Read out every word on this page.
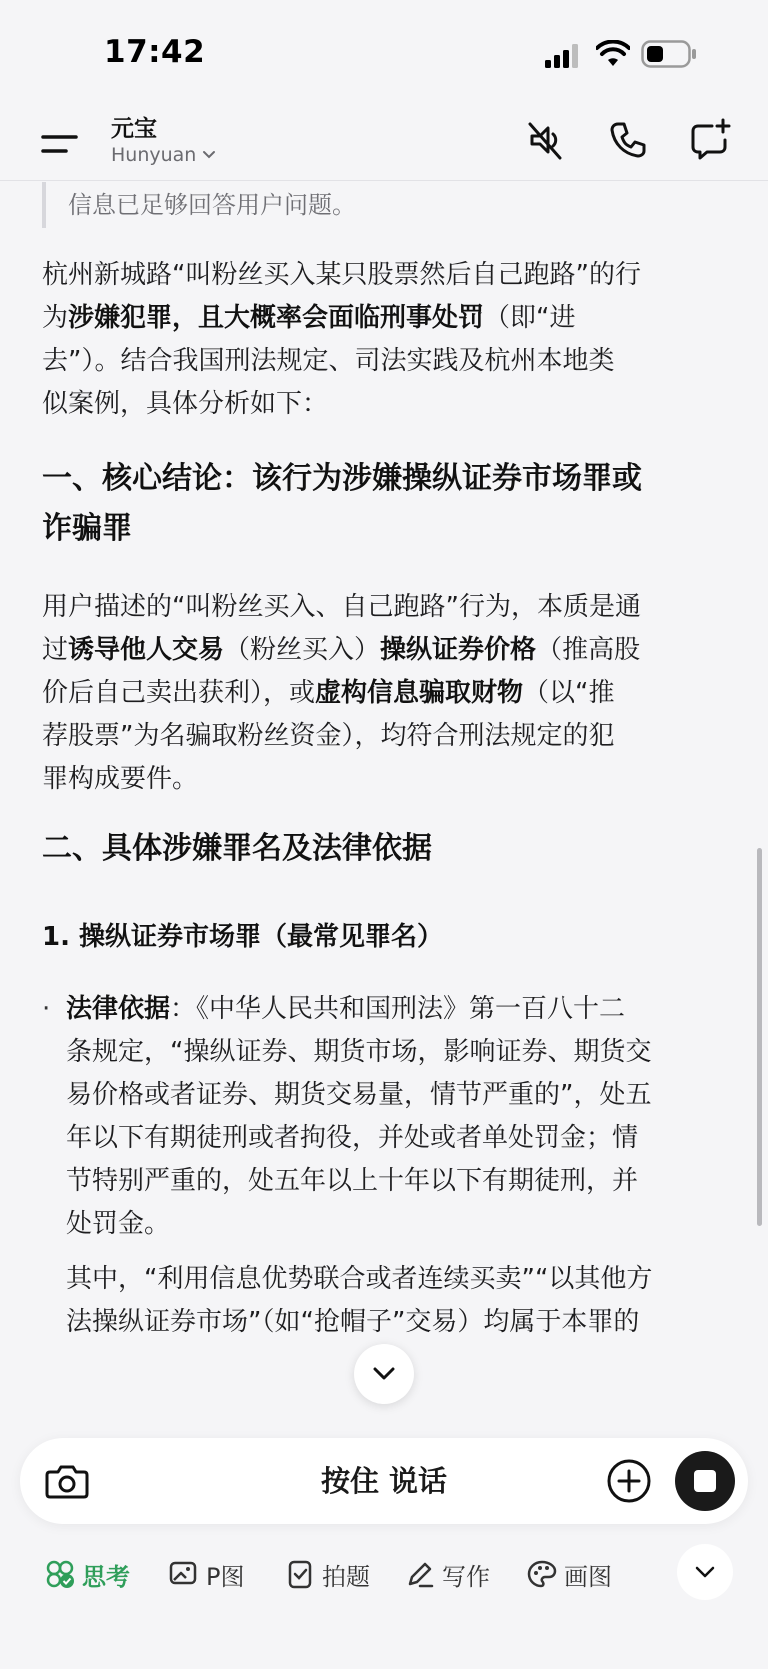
17:42
元宝
Hunyuan
信息已足够回答用户问题。
杭州新城路“叫粉丝买入某只股票然后自己跑路”的行
为涉嫌犯罪，且大概率会面临刑事处罚（即“进
去”）。结合我国刑法规定、司法实践及杭州本地类
似案例，具体分析如下：
一、核心结论：该行为涉嫌操纵证券市场罪或
诈骗罪
用户描述的“叫粉丝买入、自己跑路”行为，本质是通
过诱导他人交易（粉丝买入）操纵证券价格（推高股
价后自己卖出获利），或虚构信息骗取财物（以“推
荐股票”为名骗取粉丝资金），均符合刑法规定的犯
罪构成要件。
二、具体涉嫌罪名及法律依据
1. 操纵证券市场罪（最常见罪名）
· 法律依据：《中华人民共和国刑法》第一百八十二
条规定，“操纵证券、期货市场，影响证券、期货交
易价格或者证券、期货交易量，情节严重的”，处五
年以下有期徒刑或者拘役，并处或者单处罚金；情
节特别严重的，处五年以上十年以下有期徒刑，并
处罚金。
其中，“利用信息优势联合或者连续买卖”“以其他方
法操纵证券市场”（如“抢帽子”交易）均属于本罪的
按住 说话
思考	P图	拍题	写作	画图
